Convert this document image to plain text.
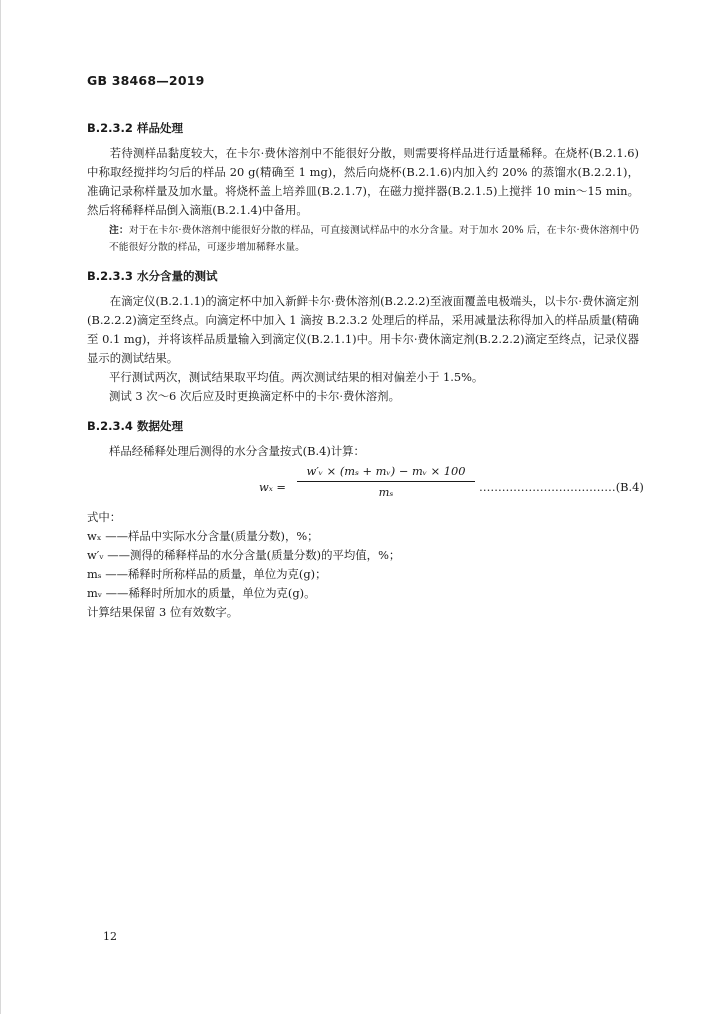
GB 38468—2019
B.2.3.2 样品处理
若待测样品黏度较大，在卡尔·费休溶剂中不能很好分散，则需要将样品进行适量稀释。在烧杯(B.2.1.6)中称取经搅拌均匀后的样品 20 g(精确至 1 mg)，然后向烧杯(B.2.1.6)内加入约 20% 的蒸馏水(B.2.2.1)，准确记录称样量及加水量。将烧杯盖上培养皿(B.2.1.7)，在磁力搅拌器(B.2.1.5)上搅拌 10 min～15 min。然后将稀释样品倒入滴瓶(B.2.1.4)中备用。
注：对于在卡尔·费休溶剂中能很好分散的样品，可直接测试样品中的水分含量。对于加水 20% 后，在卡尔·费休溶剂中仍不能很好分散的样品，可逐步增加稀释水量。
B.2.3.3 水分含量的测试
在滴定仪(B.2.1.1)的滴定杯中加入新鲜卡尔·费休溶剂(B.2.2.2)至液面覆盖电极端头，以卡尔·费休滴定剂(B.2.2.2)滴定至终点。向滴定杯中加入 1 滴按 B.2.3.2 处理后的样品，采用减量法称得加入的样品质量(精确至 0.1 mg)，并将该样品质量输入到滴定仪(B.2.1.1)中。用卡尔·费休滴定剂(B.2.2.2)滴定至终点，记录仪器显示的测试结果。
平行测试两次，测试结果取平均值。两次测试结果的相对偏差小于 1.5%。
测试 3 次～6 次后应及时更换滴定杯中的卡尔·费休溶剂。
B.2.3.4 数据处理
样品经稀释处理后测得的水分含量按式(B.4)计算：
wₓ =
w′ᵥ × (mₛ + mᵥ) − mᵥ × 100
mₛ	………………………………(B.4)
式中：
wₓ ——样品中实际水分含量(质量分数)，%；
w′ᵥ ——测得的稀释样品的水分含量(质量分数)的平均值，%；
mₛ ——稀释时所称样品的质量，单位为克(g)；
mᵥ ——稀释时所加水的质量，单位为克(g)。
计算结果保留 3 位有效数字。
12
